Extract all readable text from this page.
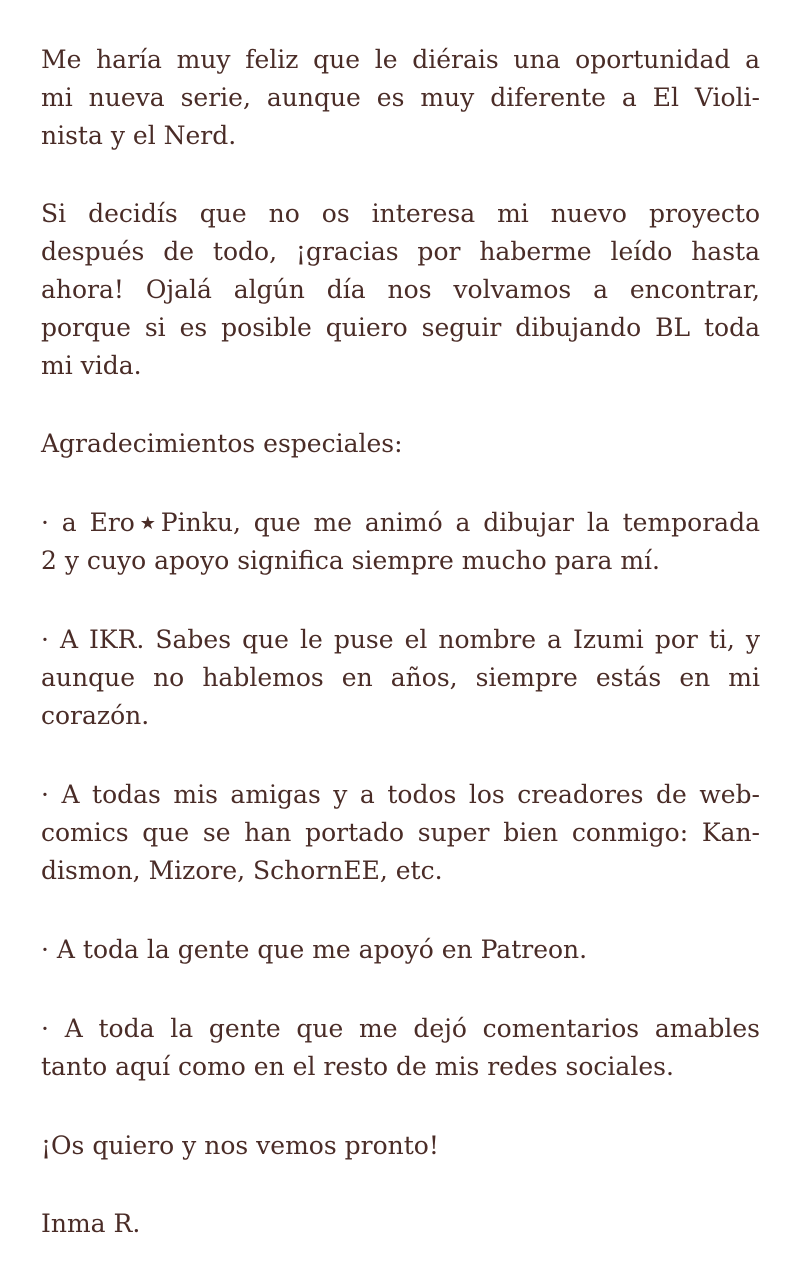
Me haría muy feliz que le diérais una oportunidad a

mi nueva serie, aunque es muy diferente a El Violi-

nista y el Nerd.

Si decidís que no os interesa mi nuevo proyecto

después de todo, ¡gracias por haberme leído hasta

ahora! Ojalá algún día nos volvamos a encontrar,

porque si es posible quiero seguir dibujando BL toda

mi vida.

Agradecimientos especiales:

· a Ero★Pinku, que me animó a dibujar la temporada

2 y cuyo apoyo significa siempre mucho para mí.

· A IKR. Sabes que le puse el nombre a Izumi por ti, y

aunque no hablemos en años, siempre estás en mi

corazón.

· A todas mis amigas y a todos los creadores de web-

comics que se han portado super bien conmigo: Kan-

dismon, Mizore, SchornEE, etc.

· A toda la gente que me apoyó en Patreon.

· A toda la gente que me dejó comentarios amables

tanto aquí como en el resto de mis redes sociales.

¡Os quiero y nos vemos pronto!

Inma R.
